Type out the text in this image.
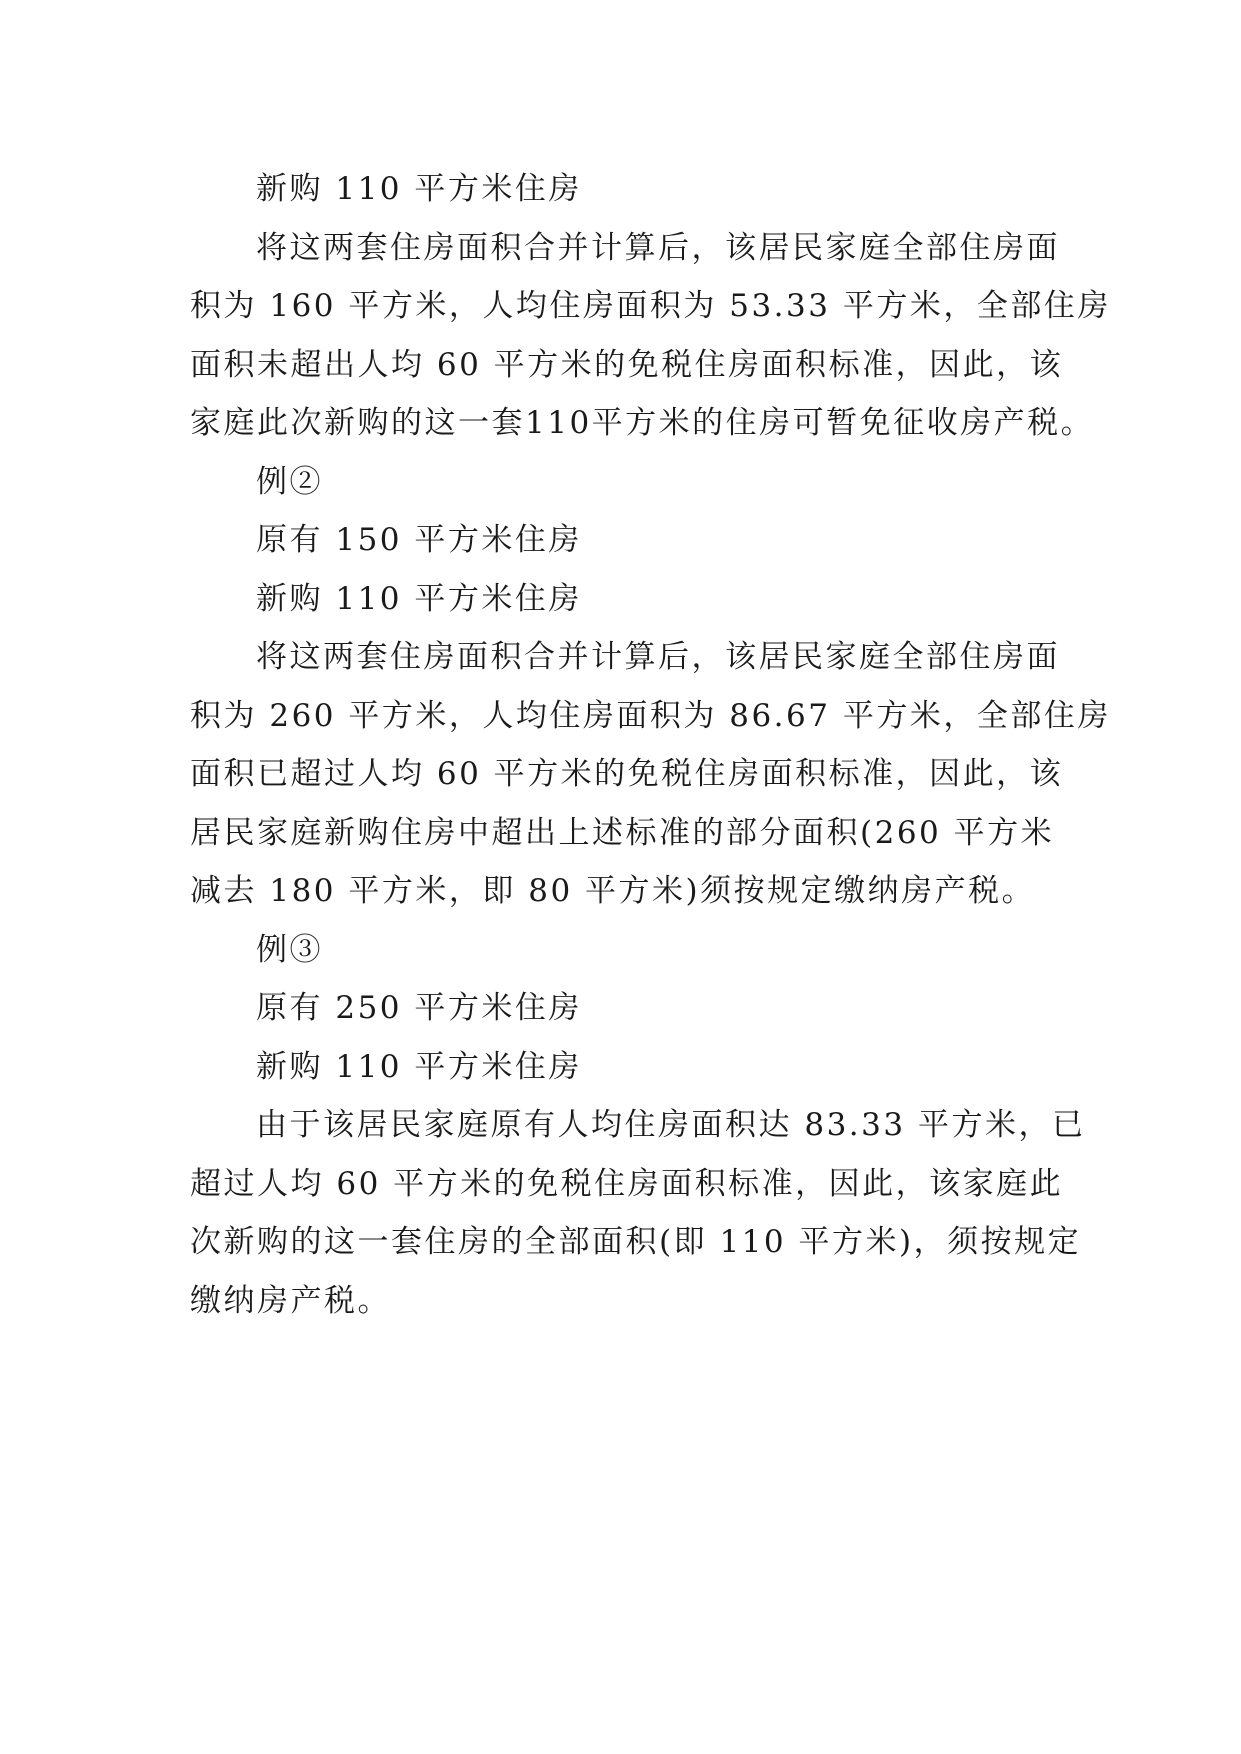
新购 110 平方米住房
将这两套住房面积合并计算后，该居民家庭全部住房面
积为 160 平方米，人均住房面积为 53.33 平方米，全部住房
面积未超出人均 60 平方米的免税住房面积标准，因此，该
家庭此次新购的这一套110平方米的住房可暂免征收房产税。
例②
原有 150 平方米住房
新购 110 平方米住房
将这两套住房面积合并计算后，该居民家庭全部住房面
积为 260 平方米，人均住房面积为 86.67 平方米，全部住房
面积已超过人均 60 平方米的免税住房面积标准，因此，该
居民家庭新购住房中超出上述标准的部分面积(260 平方米
减去 180 平方米，即 80 平方米)须按规定缴纳房产税。
例③
原有 250 平方米住房
新购 110 平方米住房
由于该居民家庭原有人均住房面积达 83.33 平方米，已
超过人均 60 平方米的免税住房面积标准，因此，该家庭此
次新购的这一套住房的全部面积(即 110 平方米)，须按规定
缴纳房产税。
